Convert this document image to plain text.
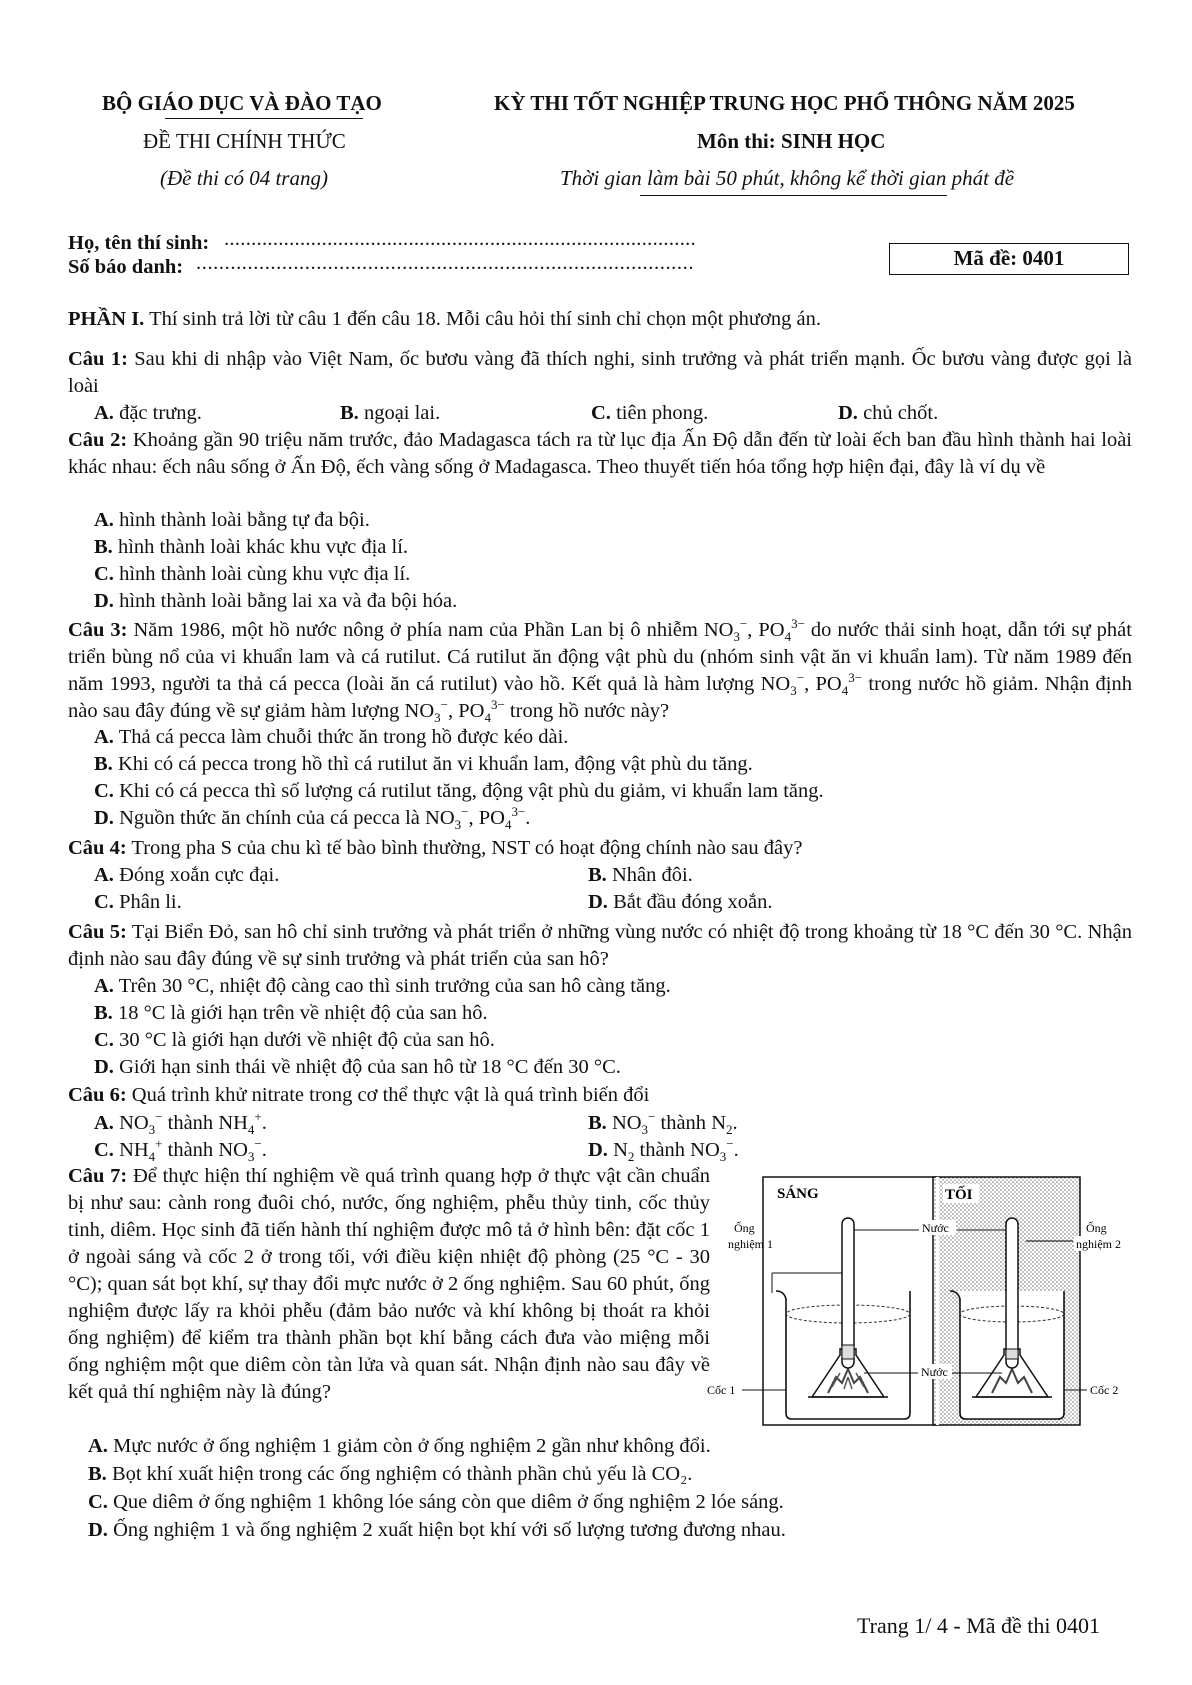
BỘ GIÁO DỤC VÀ ĐÀO TẠO	KỲ THI TỐT NGHIỆP TRUNG HỌC PHỔ THÔNG NĂM 2025
ĐỀ THI CHÍNH THỨC	Môn thi: SINH HỌC
(Đề thi có 04 trang)	Thời gian làm bài 50 phút, không kể thời gian phát đề
Họ, tên thí sinh: .......................................................................................
Số báo danh: .......................................................................................	Mã đề: 0401
PHẦN I. Thí sinh trả lời từ câu 1 đến câu 18. Mỗi câu hỏi thí sinh chỉ chọn một phương án.
Câu 1: Sau khi di nhập vào Việt Nam, ốc bươu vàng đã thích nghi, sinh trưởng và phát triển mạnh. Ốc bươu vàng được gọi là loài
A. đặc trưng.	B. ngoại lai.	C. tiên phong.	D. chủ chốt.
Câu 2: Khoảng gần 90 triệu năm trước, đảo Madagasca tách ra từ lục địa Ấn Độ dẫn đến từ loài ếch ban đầu hình thành hai loài khác nhau: ếch nâu sống ở Ấn Độ, ếch vàng sống ở Madagasca. Theo thuyết tiến hóa tổng hợp hiện đại, đây là ví dụ về
A. hình thành loài bằng tự đa bội.
B. hình thành loài khác khu vực địa lí.
C. hình thành loài cùng khu vực địa lí.
D. hình thành loài bằng lai xa và đa bội hóa.
Câu 3: Năm 1986, một hồ nước nông ở phía nam của Phần Lan bị ô nhiễm $NO_3^-$, $PO_4^{3-}$ do nước thải sinh hoạt, dẫn tới sự phát triển bùng nổ của vi khuẩn lam và cá rutilut. Cá rutilut ăn động vật phù du (nhóm sinh vật ăn vi khuẩn lam). Từ năm 1989 đến năm 1993, người ta thả cá pecca (loài ăn cá rutilut) vào hồ. Kết quả là hàm lượng $NO_3^-$, $PO_4^{3-}$ trong nước hồ giảm. Nhận định nào sau đây đúng về sự giảm hàm lượng $NO_3^-$, $PO_4^{3-}$ trong hồ nước này?
A. Thả cá pecca làm chuỗi thức ăn trong hồ được kéo dài.
B. Khi có cá pecca trong hồ thì cá rutilut ăn vi khuẩn lam, động vật phù du tăng.
C. Khi có cá pecca thì số lượng cá rutilut tăng, động vật phù du giảm, vi khuẩn lam tăng.
D. Nguồn thức ăn chính của cá pecca là $NO_3^-$, $PO_4^{3-}$.
Câu 4: Trong pha S của chu kì tế bào bình thường, NST có hoạt động chính nào sau đây?
A. Đóng xoắn cực đại.	B. Nhân đôi.
C. Phân li.	D. Bắt đầu đóng xoắn.
Câu 5: Tại Biển Đỏ, san hô chỉ sinh trưởng và phát triển ở những vùng nước có nhiệt độ trong khoảng từ 18 °C đến 30 °C. Nhận định nào sau đây đúng về sự sinh trưởng và phát triển của san hô?
A. Trên 30 °C, nhiệt độ càng cao thì sinh trưởng của san hô càng tăng.
B. 18 °C là giới hạn trên về nhiệt độ của san hô.
C. 30 °C là giới hạn dưới về nhiệt độ của san hô.
D. Giới hạn sinh thái về nhiệt độ của san hô từ 18 °C đến 30 °C.
Câu 6: Quá trình khử nitrate trong cơ thể thực vật là quá trình biến đổi
A. $NO_3^-$ thành $NH_4^+$.	B. $NO_3^-$ thành $N_2$.
C. $NH_4^+$ thành $NO_3^-$.	D. $N_2$ thành $NO_3^-$.
Câu 7: Để thực hiện thí nghiệm về quá trình quang hợp ở thực vật cần chuẩn bị như sau: cành rong đuôi chó, nước, ống nghiệm, phễu thủy tinh, cốc thủy tinh, diêm. Học sinh đã tiến hành thí nghiệm được mô tả ở hình bên: đặt cốc 1 ở ngoài sáng và cốc 2 ở trong tối, với điều kiện nhiệt độ phòng (25 °C - 30 °C); quan sát bọt khí, sự thay đổi mực nước ở 2 ống nghiệm. Sau 60 phút, ống nghiệm được lấy ra khỏi phễu (đảm bảo nước và khí không bị thoát ra khỏi ống nghiệm) để kiểm tra thành phần bọt khí bằng cách đưa vào miệng mỗi ống nghiệm một que diêm còn tàn lửa và quan sát. Nhận định nào sau đây về kết quả thí nghiệm này là đúng?
SÁNG	TỐI
Ống
nghiệm 1
Ống
nghiệm 2
Nước
Nước
Cốc 1	Cốc 2
A. Mực nước ở ống nghiệm 1 giảm còn ở ống nghiệm 2 gần như không đổi.
B. Bọt khí xuất hiện trong các ống nghiệm có thành phần chủ yếu là CO₂.
C. Que diêm ở ống nghiệm 1 không lóe sáng còn que diêm ở ống nghiệm 2 lóe sáng.
D. Ống nghiệm 1 và ống nghiệm 2 xuất hiện bọt khí với số lượng tương đương nhau.
Trang 1/ 4 - Mã đề thi 0401
